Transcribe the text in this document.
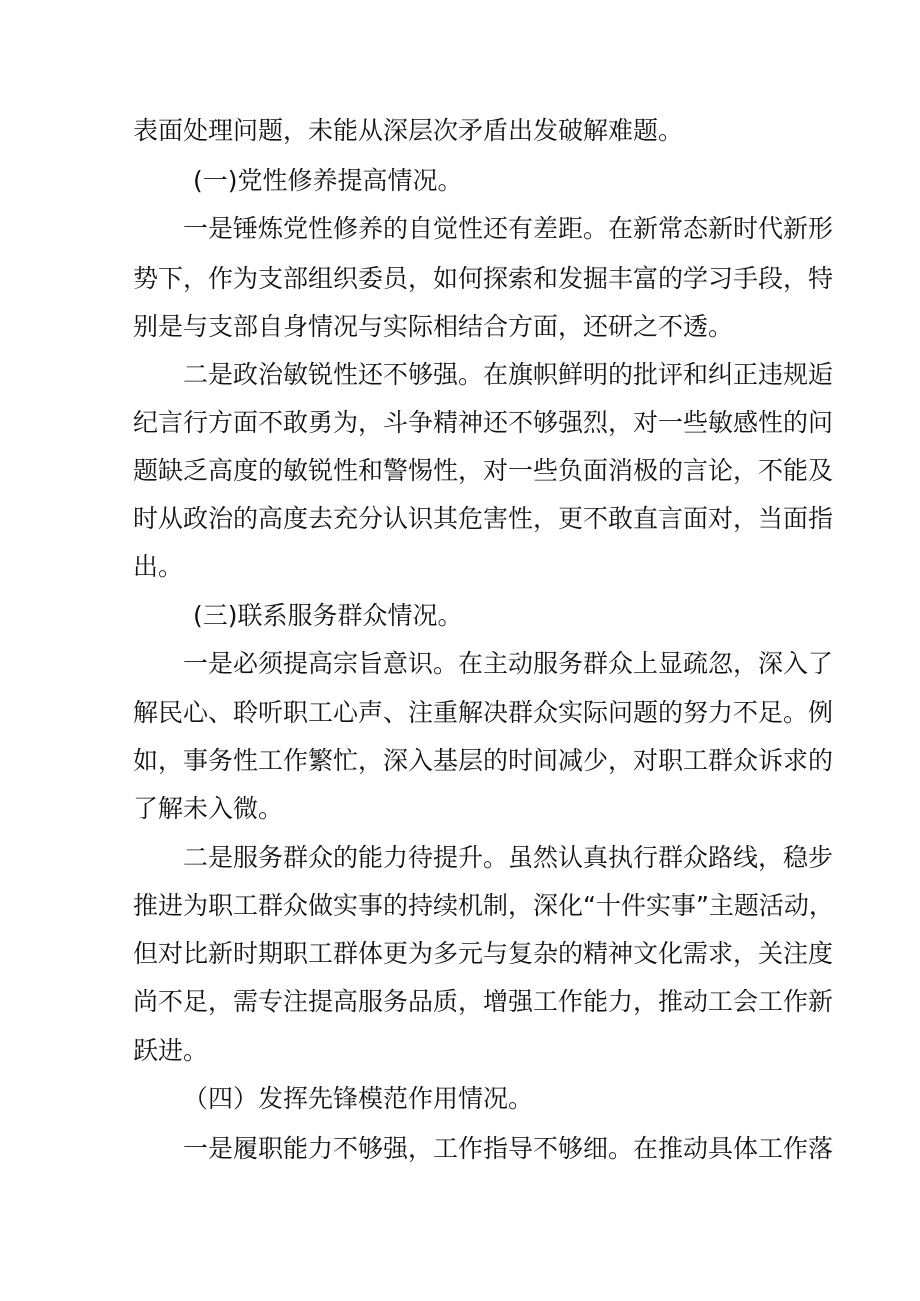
表面处理问题，未能从深层次矛盾出发破解难题。
(一)党性修养提高情况。
一是锤炼党性修养的自觉性还有差距。在新常态新时代新形
势下，作为支部组织委员，如何探索和发掘丰富的学习手段，特
别是与支部自身情况与实际相结合方面，还研之不透。
二是政治敏锐性还不够强。在旗帜鲜明的批评和纠正违规逅
纪言行方面不敢勇为，斗争精神还不够强烈，对一些敏感性的问
题缺乏高度的敏锐性和警惕性，对一些负面消极的言论，不能及
时从政治的高度去充分认识其危害性，更不敢直言面对，当面指
出。
(三)联系服务群众情况。
一是必须提高宗旨意识。在主动服务群众上显疏忽，深入了
解民心、聆听职工心声、注重解决群众实际问题的努力不足。例
如，事务性工作繁忙，深入基层的时间减少，对职工群众诉求的
了解未入微。
二是服务群众的能力待提升。虽然认真执行群众路线，稳步
推进为职工群众做实事的持续机制，深化“十件实事”主题活动，
但对比新时期职工群体更为多元与复杂的精神文化需求，关注度
尚不足，需专注提高服务品质，增强工作能力，推动工会工作新
跃进。
（四）发挥先锋模范作用情况。
一是履职能力不够强，工作指导不够细。在推动具体工作落
